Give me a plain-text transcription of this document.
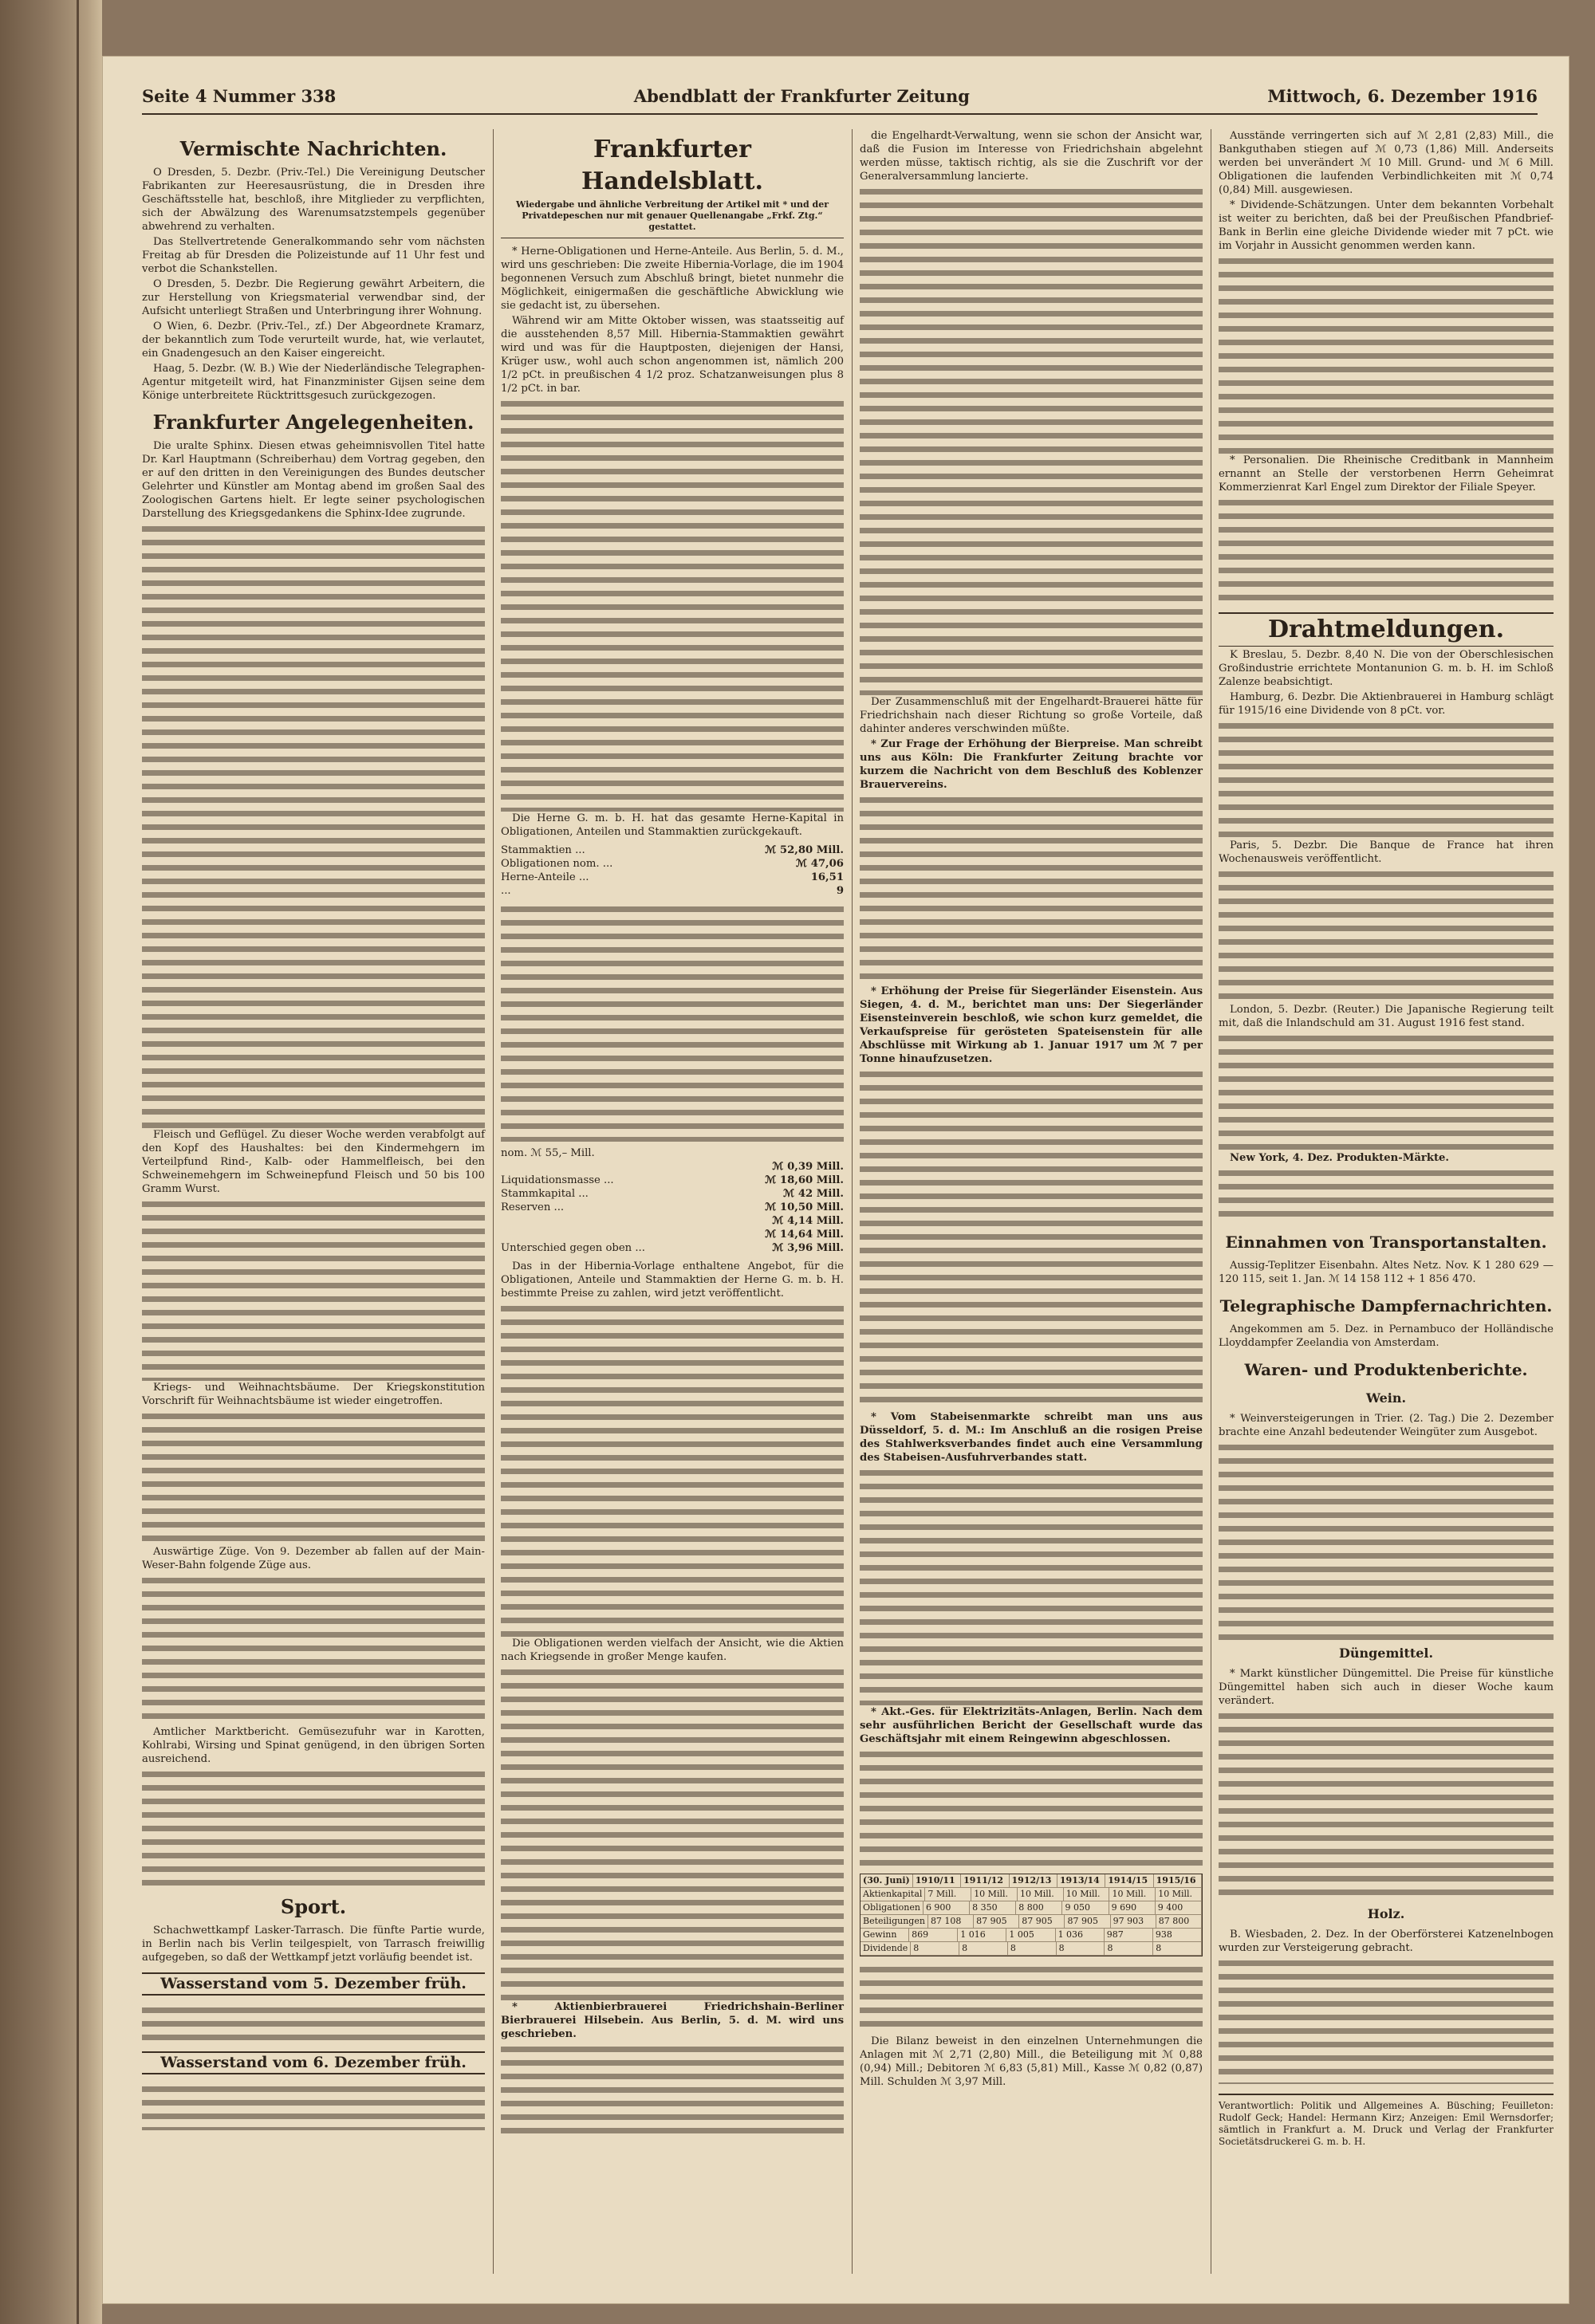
Seite 4 Nummer 338	Abendblatt der Frankfurter Zeitung	Mittwoch, 6. Dezember 1916
Vermischte Nachrichten.

O Dresden, 5. Dezbr. (Priv.-Tel.) Die Vereinigung Deutscher Fabrikanten zur Heeresausrüstung, die in Dresden ihre Geschäftsstelle hat, beschloß, ihre Mitglieder zu verpflichten, sich der Abwälzung des Warenumsatzstempels gegenüber abwehrend zu verhalten.

Das Stellvertretende Generalkommando sehr vom nächsten Freitag ab für Dresden die Polizeistunde auf 11 Uhr fest und verbot die Schankstellen.

O Dresden, 5. Dezbr. Die Regierung gewährt Arbeitern, die zur Herstellung von Kriegsmaterial verwendbar sind, der Aufsicht unterliegt Straßen und Unterbringung ihrer Wohnung.

O Wien, 6. Dezbr. (Priv.-Tel., zf.) Der Abgeordnete Kramarz, der bekanntlich zum Tode verurteilt wurde, hat, wie verlautet, ein Gnadengesuch an den Kaiser eingereicht.

Haag, 5. Dezbr. (W. B.) Wie der Niederländische Telegraphen-Agentur mitgeteilt wird, hat Finanzminister Gijsen seine dem Könige unterbreitete Rücktrittsgesuch zurückgezogen.

Frankfurter Angelegenheiten.

Die uralte Sphinx. Diesen etwas geheimnisvollen Titel hatte Dr. Karl Hauptmann (Schreiberhau) dem Vortrag gegeben, den er auf den dritten in den Vereinigungen des Bundes deutscher Gelehrter und Künstler am Montag abend im großen Saal des Zoologischen Gartens hielt. Er legte seiner psychologischen Darstellung des Kriegsgedankens die Sphinx-Idee zugrunde.

Fleisch und Geflügel. Zu dieser Woche werden verabfolgt auf den Kopf des Haushaltes: bei den Kindermehgern im Verteilpfund Rind-, Kalb- oder Hammelfleisch, bei den Schweinemehgern im Schweinepfund Fleisch und 50 bis 100 Gramm Wurst.

Kriegs- und Weihnachtsbäume. Der Kriegskonstitution Vorschrift für Weihnachtsbäume ist wieder eingetroffen.

Auswärtige Züge. Von 9. Dezember ab fallen auf der Main-Weser-Bahn folgende Züge aus.

Amtlicher Marktbericht. Gemüsezufuhr war in Karotten, Kohlrabi, Wirsing und Spinat genügend, in den übrigen Sorten ausreichend.

Sport.

Schachwettkampf Lasker-Tarrasch. Die fünfte Partie wurde, in Berlin nach bis Verlin teilgespielt, von Tarrasch freiwillig aufgegeben, so daß der Wettkampf jetzt vorläufig beendet ist.

Wasserstand vom 5. Dezember früh.
Wasserstand vom 6. Dezember früh.
Frankfurter Handelsblatt.
Wiedergabe und ähnliche Verbreitung der Artikel mit * und der Privatdepeschen nur mit genauer Quellenangabe „Frkf. Ztg.“ gestattet.

* Herne-Obligationen und Herne-Anteile. Aus Berlin, 5. d. M., wird uns geschrieben: Die zweite Hibernia-Vorlage, die im 1904 begonnenen Versuch zum Abschluß bringt, bietet nunmehr die Möglichkeit, einigermaßen die geschäftliche Abwicklung wie sie gedacht ist, zu übersehen.

Während wir am Mitte Oktober wissen, was staatsseitig auf die ausstehenden 8,57 Mill. Hibernia-Stammaktien gewährt wird und was für die Hauptposten, diejenigen der Hansi, Krüger usw., wohl auch schon angenommen ist, nämlich 200 1/2 pCt. in preußischen 4 1/2 proz. Schatzanweisungen plus 8 1/2 pCt. in bar.

Die Herne G. m. b. H. hat das gesamte Herne-Kapital in Obligationen, Anteilen und Stammaktien zurückgekauft.

Stammaktien ...	ℳ 52,80 Mill.
Obligationen nom. ...	ℳ 47,06
Herne-Anteile ...	16,51
...	9
nom. ℳ 55,– Mill.
ℳ 0,39 Mill.
Liquidationsmasse ...	ℳ 18,60 Mill.
Stammkapital ...	ℳ 42 Mill.
Reserven ...	ℳ 10,50 Mill.
ℳ 4,14 Mill.
ℳ 14,64 Mill.
Unterschied gegen oben ...	ℳ 3,96 Mill.

Das in der Hibernia-Vorlage enthaltene Angebot, für die Obligationen, Anteile und Stammaktien der Herne G. m. b. H. bestimmte Preise zu zahlen, wird jetzt veröffentlicht.

Die Obligationen werden vielfach der Ansicht, wie die Aktien nach Kriegsende in großer Menge kaufen.

* Aktienbierbrauerei Friedrichshain-Berliner Bierbrauerei Hilsebein. Aus Berlin, 5. d. M. wird uns geschrieben.

die Engelhardt-Verwaltung, wenn sie schon der Ansicht war, daß die Fusion im Interesse von Friedrichshain abgelehnt werden müsse, taktisch richtig, als sie die Zuschrift vor der Generalversammlung lancierte.

Der Zusammenschluß mit der Engelhardt-Brauerei hätte für Friedrichshain nach dieser Richtung so große Vorteile, daß dahinter anderes verschwinden müßte.

* Zur Frage der Erhöhung der Bierpreise. Man schreibt uns aus Köln: Die Frankfurter Zeitung brachte vor kurzem die Nachricht von dem Beschluß des Koblenzer Brauervereins.

* Erhöhung der Preise für Siegerländer Eisenstein. Aus Siegen, 4. d. M., berichtet man uns: Der Siegerländer Eisensteinverein beschloß, wie schon kurz gemeldet, die Verkaufspreise für gerösteten Spateisenstein für alle Abschlüsse mit Wirkung ab 1. Januar 1917 um ℳ 7 per Tonne hinaufzusetzen.

* Vom Stabeisenmarkte schreibt man uns aus Düsseldorf, 5. d. M.: Im Anschluß an die rosigen Preise des Stahlwerksverbandes findet auch eine Versammlung des Stabeisen-Ausfuhrverbandes statt.

* Akt.-Ges. für Elektrizitäts-Anlagen, Berlin. Nach dem sehr ausführlichen Bericht der Gesellschaft wurde das Geschäftsjahr mit einem Reingewinn abgeschlossen.

(30. Juni) 1910/11 1911/12 1912/13 1913/14 1914/15 1915/16
Aktienkapital 7 Mill.	10 Mill.	10 Mill.	10 Mill.	10 Mill.	10 Mill.
Obligationen 6 900	8 350	8 800	9 050	9 690	9 400
Beteiligungen 87 108	87 905	87 905	87 905	97 903	87 800
Gewinn	869	1 016	1 005	1 036	987	938
Dividende 8	8	8	8	8	8

Die Bilanz beweist in den einzelnen Unternehmungen die Anlagen mit ℳ 2,71 (2,80) Mill., die Beteiligung mit ℳ 0,88 (0,94) Mill.; Debitoren ℳ 6,83 (5,81) Mill., Kasse ℳ 0,82 (0,87) Mill. Schulden ℳ 3,97 Mill.

Ausstände verringerten sich auf ℳ 2,81 (2,83) Mill., die Bankguthaben stiegen auf ℳ 0,73 (1,86) Mill. Anderseits werden bei unverändert ℳ 10 Mill. Grund- und ℳ 6 Mill. Obligationen die laufenden Verbindlichkeiten mit ℳ 0,74 (0,84) Mill. ausgewiesen.

* Dividende-Schätzungen. Unter dem bekannten Vorbehalt ist weiter zu berichten, daß bei der Preußischen Pfandbrief-Bank in Berlin eine gleiche Dividende wieder mit 7 pCt. wie im Vorjahr in Aussicht genommen werden kann.

* Personalien. Die Rheinische Creditbank in Mannheim ernannt an Stelle der verstorbenen Herrn Geheimrat Kommerzienrat Karl Engel zum Direktor der Filiale Speyer.

Drahtmeldungen.

K Breslau, 5. Dezbr. 8,40 N. Die von der Oberschlesischen Großindustrie errichtete Montanunion G. m. b. H. im Schloß Zalenze beabsichtigt.

Hamburg, 6. Dezbr. Die Aktienbrauerei in Hamburg schlägt für 1915/16 eine Dividende von 8 pCt. vor.

Paris, 5. Dezbr. Die Banque de France hat ihren Wochenausweis veröffentlicht.

London, 5. Dezbr. (Reuter.) Die Japanische Regierung teilt mit, daß die Inlandschuld am 31. August 1916 fest stand.

New York, 4. Dez. Produkten-Märkte.

Einnahmen von Transportanstalten.

Aussig-Teplitzer Eisenbahn. Altes Netz. Nov. K 1 280 629 — 120 115, seit 1. Jan. ℳ 14 158 112 + 1 856 470.

Telegraphische Dampfernachrichten.

Angekommen am 5. Dez. in Pernambuco der Holländische Lloyddampfer Zeelandia von Amsterdam.

Waren- und Produktenberichte.
Wein.

* Weinversteigerungen in Trier. (2. Tag.) Die 2. Dezember brachte eine Anzahl bedeutender Weingüter zum Ausgebot.

Düngemittel.

* Markt künstlicher Düngemittel. Die Preise für künstliche Düngemittel haben sich auch in dieser Woche kaum verändert.

Holz.

B. Wiesbaden, 2. Dez. In der Oberförsterei Katzenelnbogen wurden zur Versteigerung gebracht.

Verantwortlich: Politik und Allgemeines A. Büsching; Feuilleton: Rudolf Geck; Handel: Hermann Kirz; Anzeigen: Emil Wernsdorfer; sämtlich in Frankfurt a. M. Druck und Verlag der Frankfurter Societätsdruckerei G. m. b. H.
